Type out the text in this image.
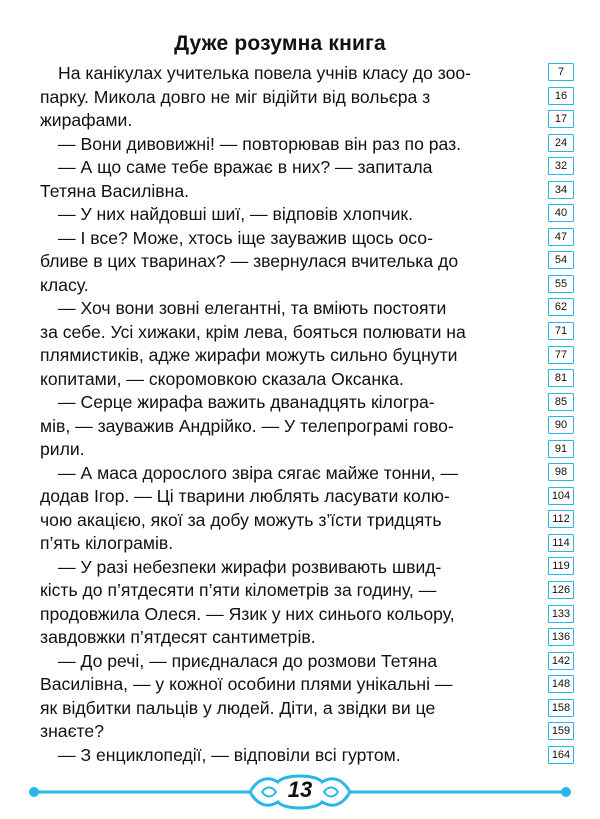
Дуже розумна книга
На канікулах учителька повела учнів класу до зоо-
парку. Микола довго не міг відійти від вольєра з
жирафами.
— Вони дивовижні! — повторював він раз по раз.
— А що саме тебе вражає в них? — запитала
Тетяна Василівна.
— У них найдовші шиї, — відповів хлопчик.
— І все? Може, хтось іще зауважив щось осо-
бливе в цих тваринах? — звернулася вчителька до
класу.
— Хоч вони зовні елегантні, та вміють постояти
за себе. Усі хижаки, крім лева, бояться полювати на
плямистиків, адже жирафи можуть сильно буцнути
копитами, — скоромовкою сказала Оксанка.
— Серце жирафа важить дванадцять кілогра-
мів, — зауважив Андрійко. — У телепрограмі гово-
рили.
— А маса дорослого звіра сягає майже тонни, —
додав Ігор. — Ці тварини люблять ласувати колю-
чою акацією, якої за добу можуть з’їсти тридцять
п’ять кілограмів.
— У разі небезпеки жирафи розвивають швид-
кість до п’ятдесяти п’яти кілометрів за годину, —
продовжила Олеся. — Язик у них синього кольору,
завдовжки п’ятдесят сантиметрів.
— До речі, — приєдналася до розмови Тетяна
Василівна, — у кожної особини плями унікальні —
як відбитки пальців у людей. Діти, а звідки ви це
знаєте?
— З енциклопедії, — відповіли всі гуртом.
7
16
17
24
32
34
40
47
54
55
62
71
77
81
85
90
91
98
104
112
114
119
126
133
136
142
148
158
159
164
13
